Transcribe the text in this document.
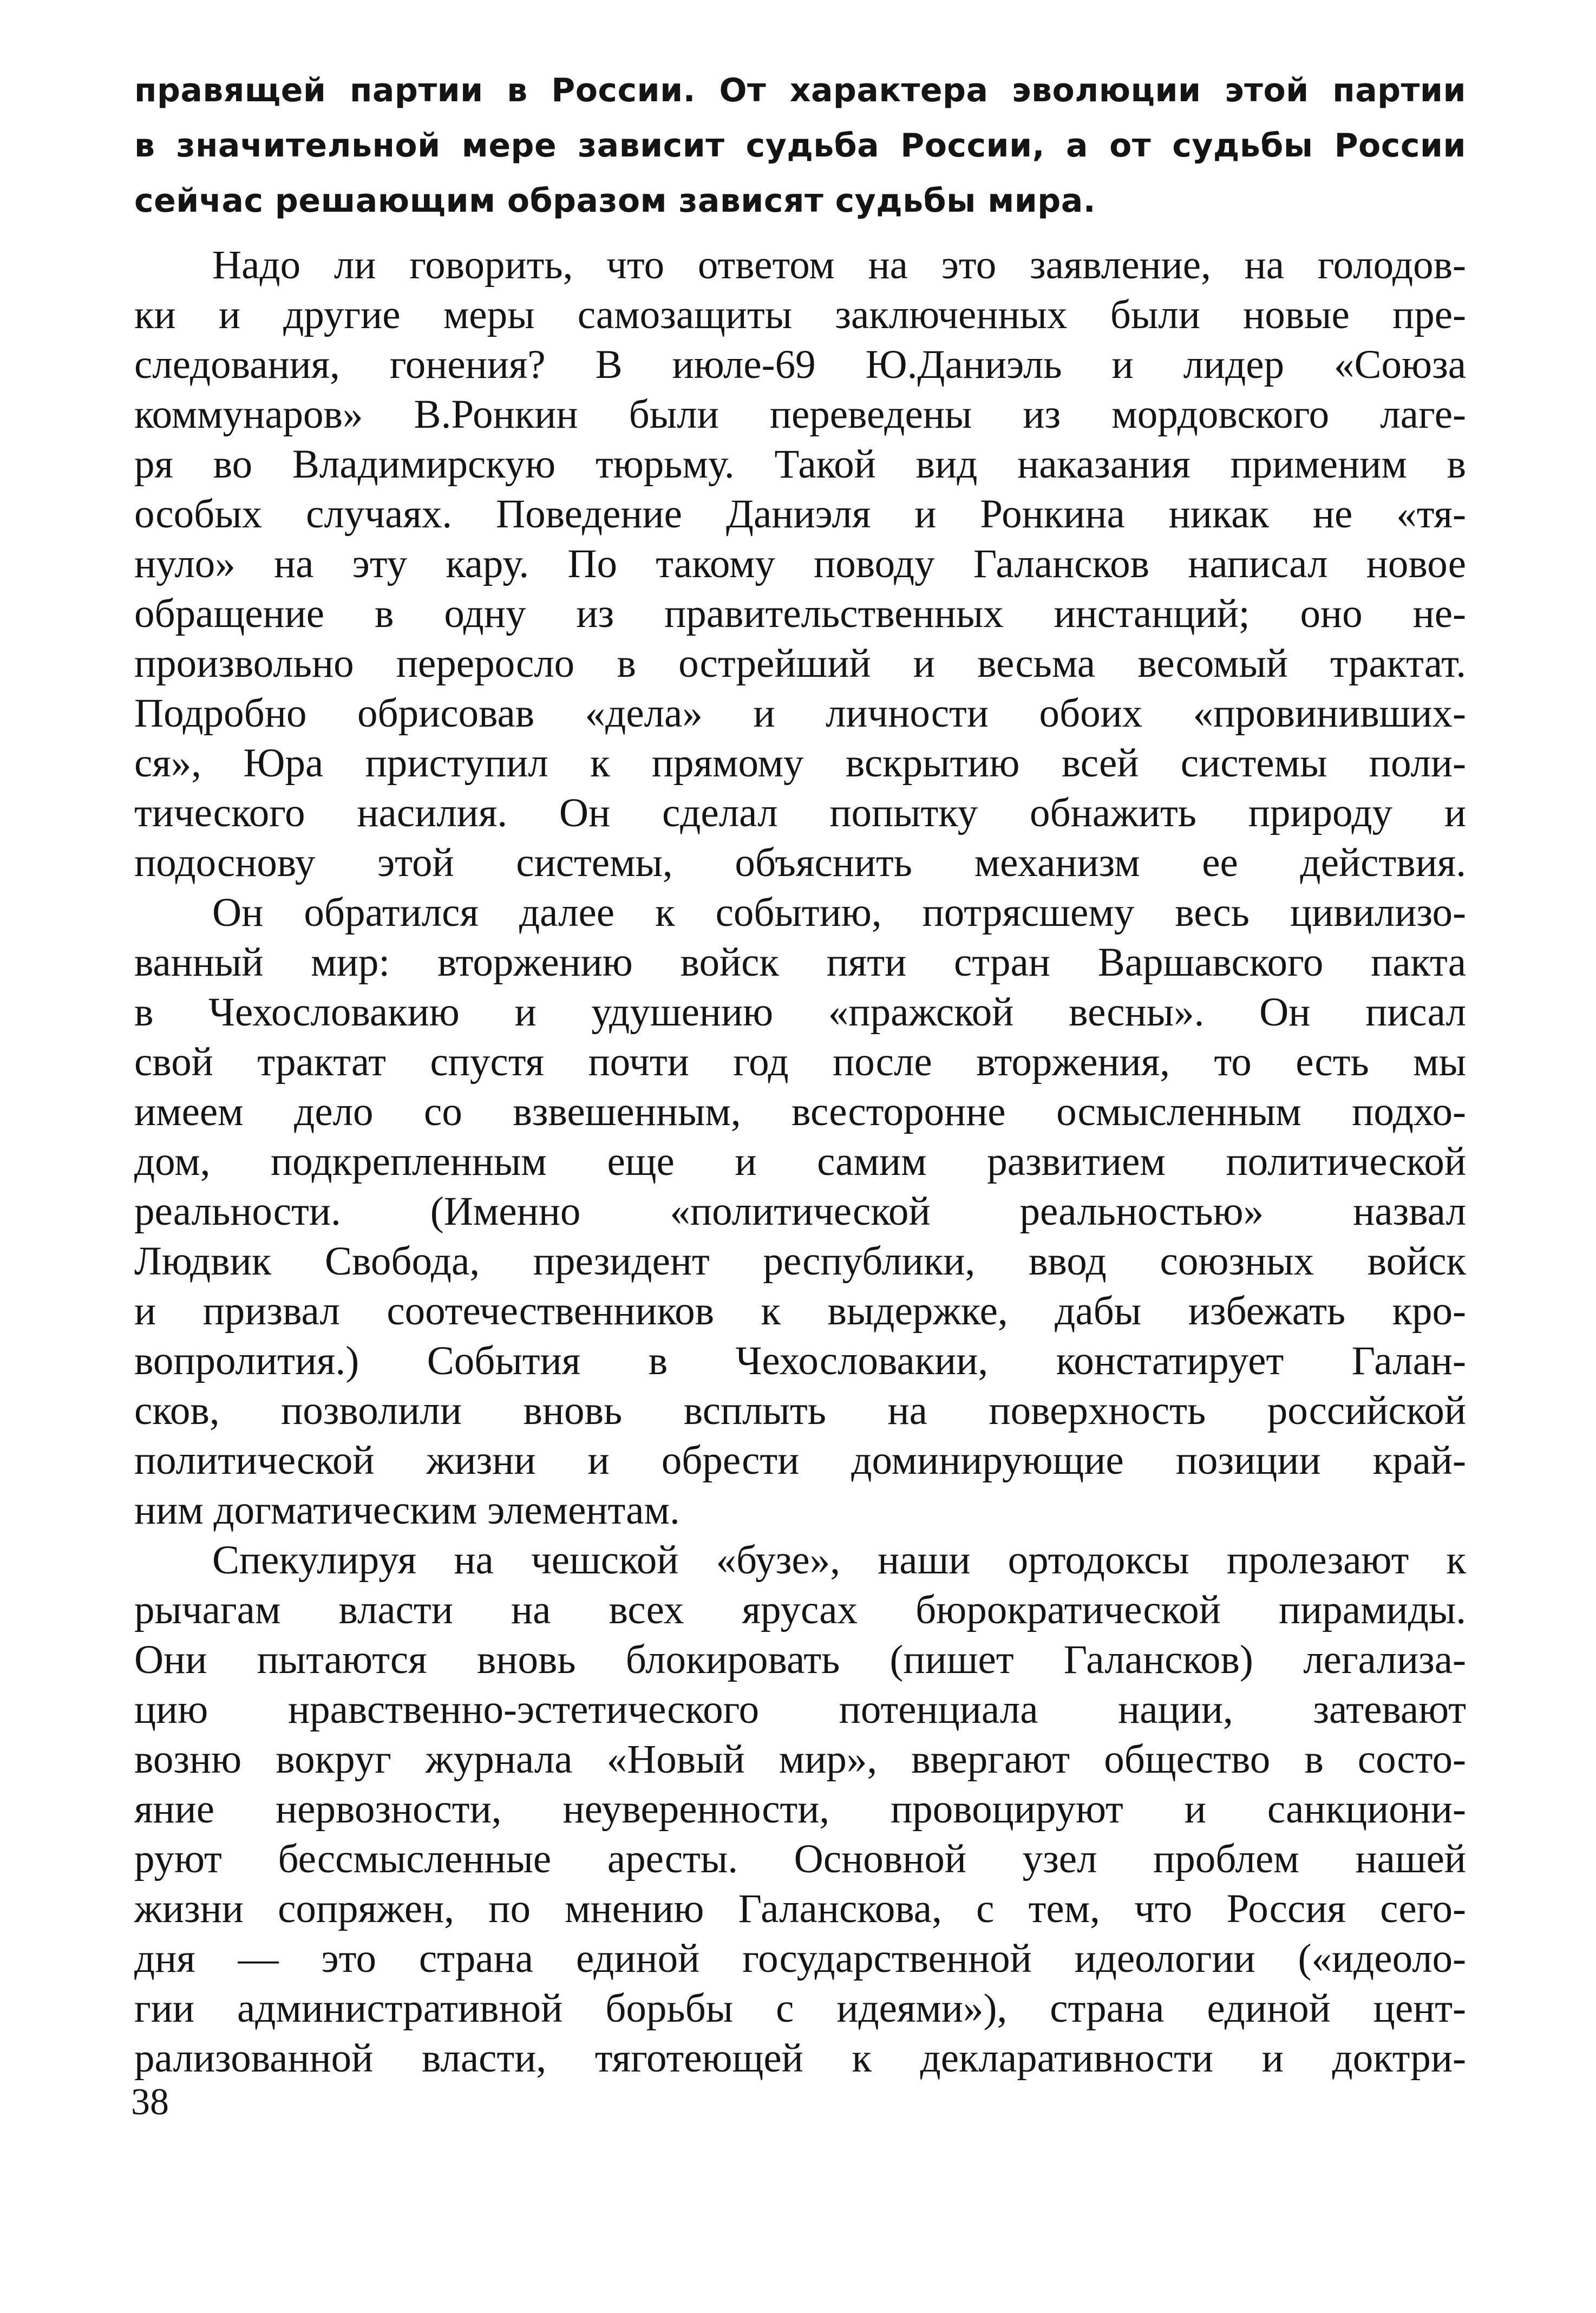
правящей партии в России. От характера эволюции этой партии
в значительной мере зависит судьба России, а от судьбы России
сейчас решающим образом зависят судьбы мира.
Надо ли говорить, что ответом на это заявление, на голодов-
ки и другие меры самозащиты заключенных были новые пре-
следования, гонения? В июле-69 Ю.Даниэль и лидер «Союза
коммунаров» В.Ронкин были переведены из мордовского лаге-
ря во Владимирскую тюрьму. Такой вид наказания применим в
особых случаях. Поведение Даниэля и Ронкина никак не «тя-
нуло» на эту кару. По такому поводу Галансков написал новое
обращение в одну из правительственных инстанций; оно не-
произвольно переросло в острейший и весьма весомый трактат.
Подробно обрисовав «дела» и личности обоих «провинивших-
ся», Юра приступил к прямому вскрытию всей системы поли-
тического насилия. Он сделал попытку обнажить природу и
подоснову этой системы, объяснить механизм ее действия.
Он обратился далее к событию, потрясшему весь цивилизо-
ванный мир: вторжению войск пяти стран Варшавского пакта
в Чехословакию и удушению «пражской весны». Он писал
свой трактат спустя почти год после вторжения, то есть мы
имеем дело со взвешенным, всесторонне осмысленным подхо-
дом, подкрепленным еще и самим развитием политической
реальности. (Именно «политической реальностью» назвал
Людвик Свобода, президент республики, ввод союзных войск
и призвал соотечественников к выдержке, дабы избежать кро-
вопролития.) События в Чехословакии, констатирует Галан-
сков, позволили вновь всплыть на поверхность российской
политической жизни и обрести доминирующие позиции край-
ним догматическим элементам.
Спекулируя на чешской «бузе», наши ортодоксы пролезают к
рычагам власти на всех ярусах бюрократической пирамиды.
Они пытаются вновь блокировать (пишет Галансков) легализа-
цию нравственно-эстетического потенциала нации, затевают
возню вокруг журнала «Новый мир», ввергают общество в состо-
яние нервозности, неуверенности, провоцируют и санкциони-
руют бессмысленные аресты. Основной узел проблем нашей
жизни сопряжен, по мнению Галанскова, с тем, что Россия сего-
дня — это страна единой государственной идеологии («идеоло-
гии административной борьбы с идеями»), страна единой цент-
рализованной власти, тяготеющей к декларативности и доктри-
38
